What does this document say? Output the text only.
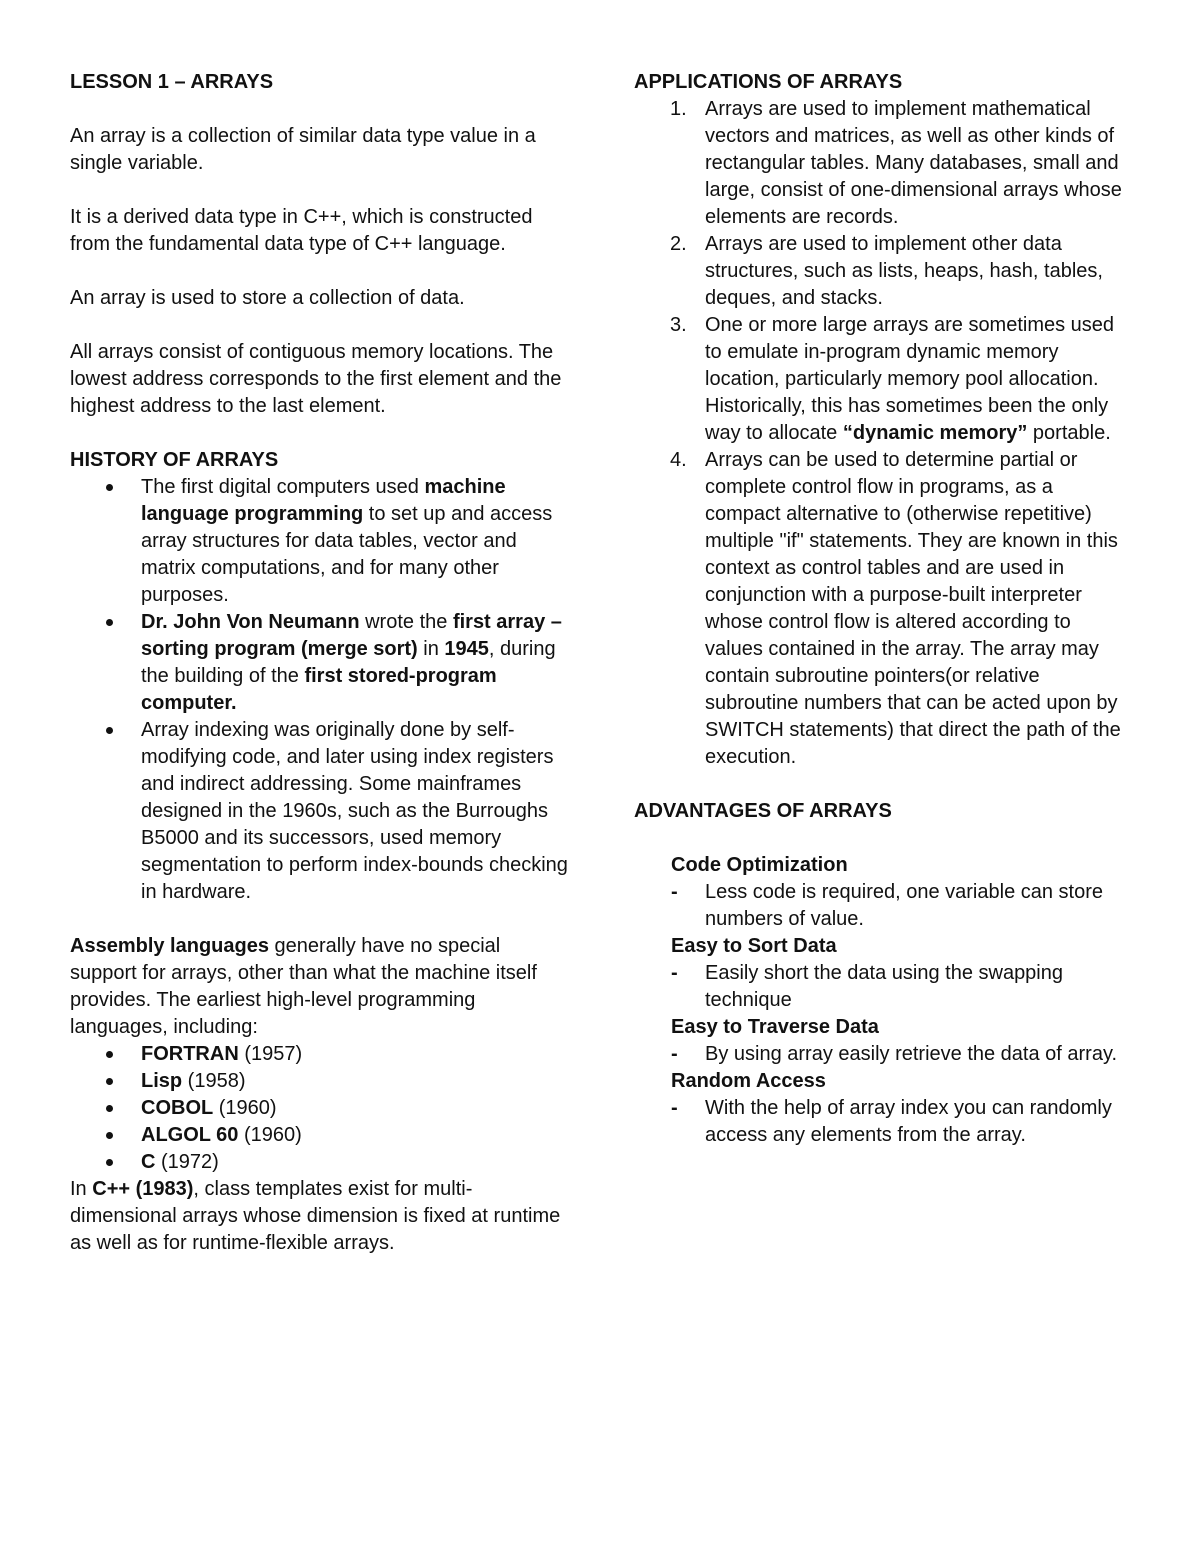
LESSON 1 – ARRAYS

An array is a collection of similar data type value in a single variable.

It is a derived data type in C++, which is constructed from the fundamental data type of C++ language.

An array is used to store a collection of data.

All arrays consist of contiguous memory locations. The lowest address corresponds to the first element and the highest address to the last element.

HISTORY OF ARRAYS

The first digital computers used machine language programming to set up and access array structures for data tables, vector and matrix computations, and for many other purposes.
Dr. John Von Neumann wrote the first array – sorting program (merge sort) in 1945, during the building of the first stored-program computer.
Array indexing was originally done by self-modifying code, and later using index registers and indirect addressing. Some mainframes designed in the 1960s, such as the Burroughs B5000 and its successors, used memory segmentation to perform index-bounds checking in hardware.

Assembly languages generally have no special support for arrays, other than what the machine itself provides. The earliest high-level programming languages, including:

FORTRAN (1957)
Lisp (1958)
COBOL (1960)
ALGOL 60 (1960)
C (1972)

In C++ (1983), class templates exist for multi-dimensional arrays whose dimension is fixed at runtime as well as for runtime-flexible arrays.

APPLICATIONS OF ARRAYS

1. Arrays are used to implement mathematical vectors and matrices, as well as other kinds of rectangular tables. Many databases, small and large, consist of one-dimensional arrays whose elements are records.
2. Arrays are used to implement other data structures, such as lists, heaps, hash, tables, deques, and stacks.
3. One or more large arrays are sometimes used to emulate in-program dynamic memory location, particularly memory pool allocation. Historically, this has sometimes been the only way to allocate “dynamic memory” portable.
4. Arrays can be used to determine partial or complete control flow in programs, as a compact alternative to (otherwise repetitive) multiple "if" statements. They are known in this context as control tables and are used in conjunction with a purpose-built interpreter whose control flow is altered according to values contained in the array. The array may contain subroutine pointers(or relative subroutine numbers that can be acted upon by SWITCH statements) that direct the path of the execution.

ADVANTAGES OF ARRAYS

Code Optimization

- Less code is required, one variable can store numbers of value.

Easy to Sort Data

- Easily short the data using the swapping technique

Easy to Traverse Data

- By using array easily retrieve the data of array.

Random Access

- With the help of array index you can randomly access any elements from the array.
